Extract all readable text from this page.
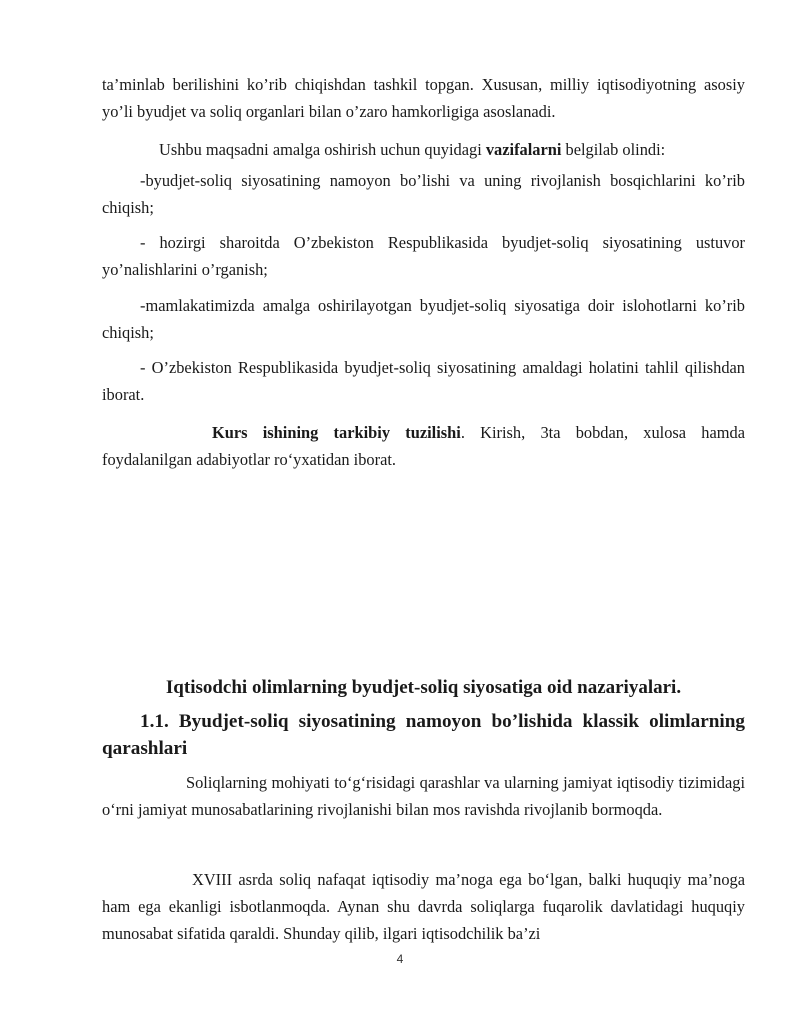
ta’minlab berilishini ko’rib chiqishdan tashkil topgan. Xususan, milliy iqtisodiyotning asosiy yo’li byudjet va soliq organlari bilan o’zaro hamkorligiga asoslanadi.

Ushbu maqsadni amalga oshirish uchun quyidagi vazifalarni belgilab olindi:

-byudjet-soliq siyosatining namoyon bo’lishi va uning rivojlanish bosqichlarini ko’rib chiqish;

- hozirgi sharoitda O’zbekiston Respublikasida byudjet-soliq siyosatining ustuvor yo’nalishlarini o’rganish;

-mamlakatimizda amalga oshirilayotgan byudjet-soliq siyosatiga doir islohotlarni ko’rib chiqish;

- O’zbekiston Respublikasida byudjet-soliq siyosatining amaldagi holatini tahlil qilishdan iborat.

Kurs ishining tarkibiy tuzilishi. Kirish, 3ta bobdan, xulosa hamda foydalanilgan adabiyotlar ro‘yxatidan iborat.

Iqtisodchi olimlarning byudjet-soliq siyosatiga oid nazariyalari.
1.1. Byudjet-soliq siyosatining namoyon bo’lishida klassik olimlarning qarashlari

Soliqlarning mohiyati to‘g‘risidagi qarashlar va ularning jamiyat iqtisodiy tizimidagi o‘rni jamiyat munosabatlarining rivojlanishi bilan mos ravishda rivojlanib bormoqda.

XVIII asrda soliq nafaqat iqtisodiy ma’noga ega bo‘lgan, balki huquqiy ma’noga ham ega ekanligi isbotlanmoqda. Aynan shu davrda soliqlarga fuqarolik davlatidagi huquqiy munosabat sifatida qaraldi. Shunday qilib, ilgari iqtisodchilik ba’zi

4
